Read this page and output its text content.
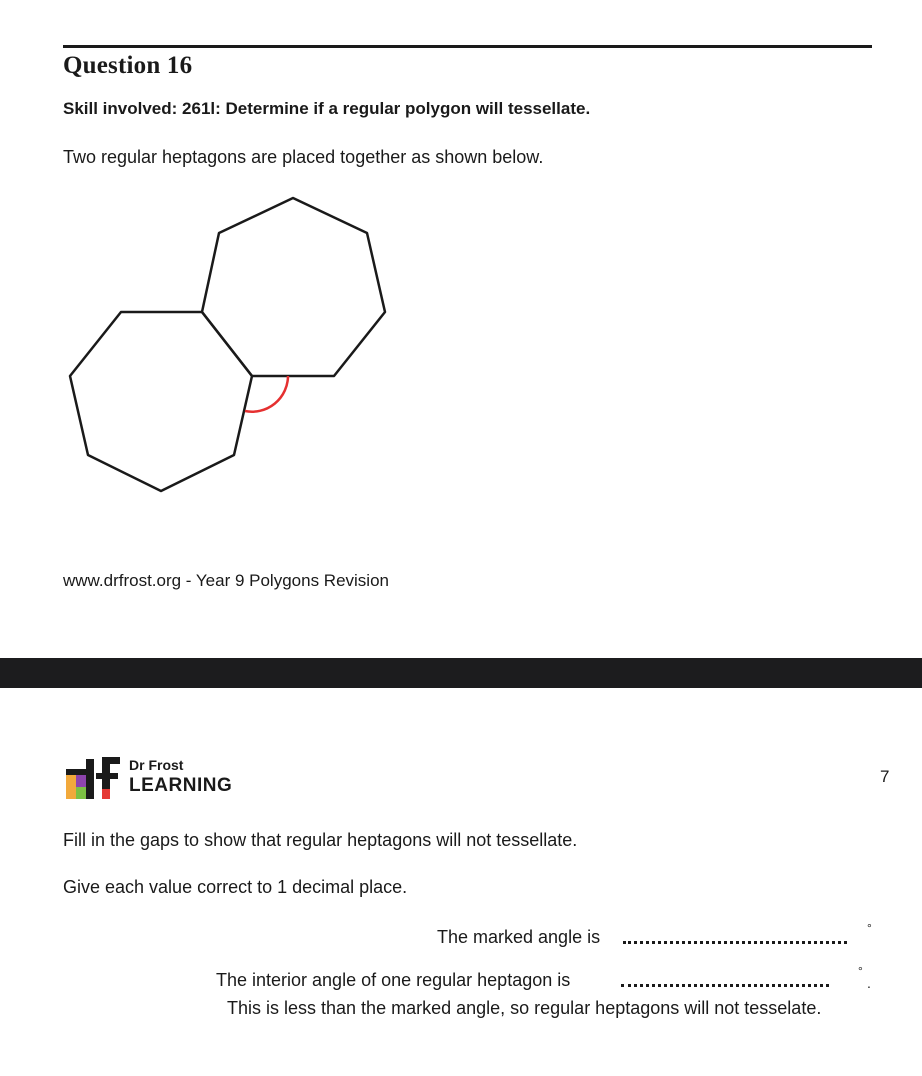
Question 16
Skill involved: 261l: Determine if a regular polygon will tessellate.
Two regular heptagons are placed together as shown below.
www.drfrost.org - Year 9 Polygons Revision
Dr Frost
LEARNING	7
Fill in the gaps to show that regular heptagons will not tessellate.
Give each value correct to 1 decimal place.
The marked angle is	°
The interior angle of one regular heptagon is	°
.
This is less than the marked angle, so regular heptagons will not tesselate.
